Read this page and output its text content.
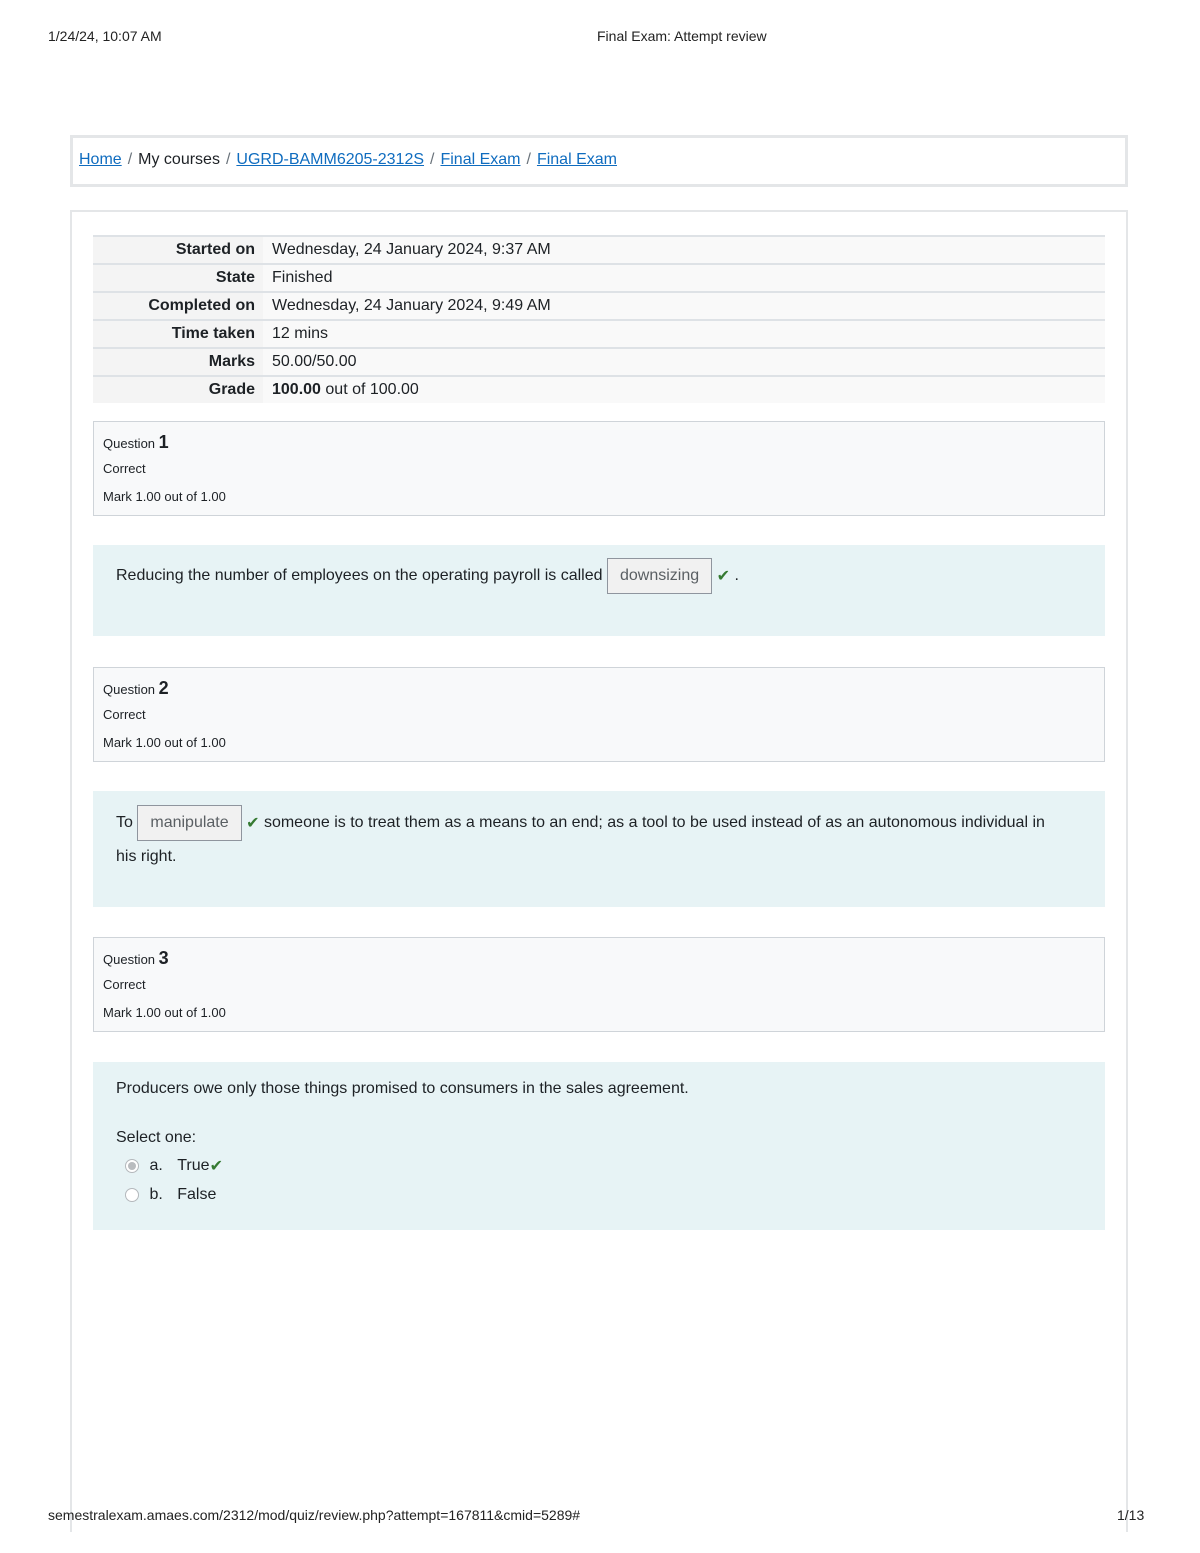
1/24/24, 10:07 AM	Final Exam: Attempt review
Home / My courses / UGRD-BAMM6205-2312S / Final Exam / Final Exam
Started on	Wednesday, 24 January 2024, 9:37 AM
State	Finished
Completed on	Wednesday, 24 January 2024, 9:49 AM
Time taken	12 mins
Marks	50.00/50.00
Grade	100.00 out of 100.00
Question 1
Correct
Mark 1.00 out of 1.00
Reducing the number of employees on the operating payroll is called downsizing ✔ .
Question 2
Correct
Mark 1.00 out of 1.00
To manipulate ✔ someone is to treat them as a means to an end; as a tool to be used instead of as an autonomous individual in
his right.
Question 3
Correct
Mark 1.00 out of 1.00
Producers owe only those things promised to consumers in the sales agreement.
Select one:
a. True✔
b. False
semestralexam.amaes.com/2312/mod/quiz/review.php?attempt=167811&cmid=5289#	1/13
